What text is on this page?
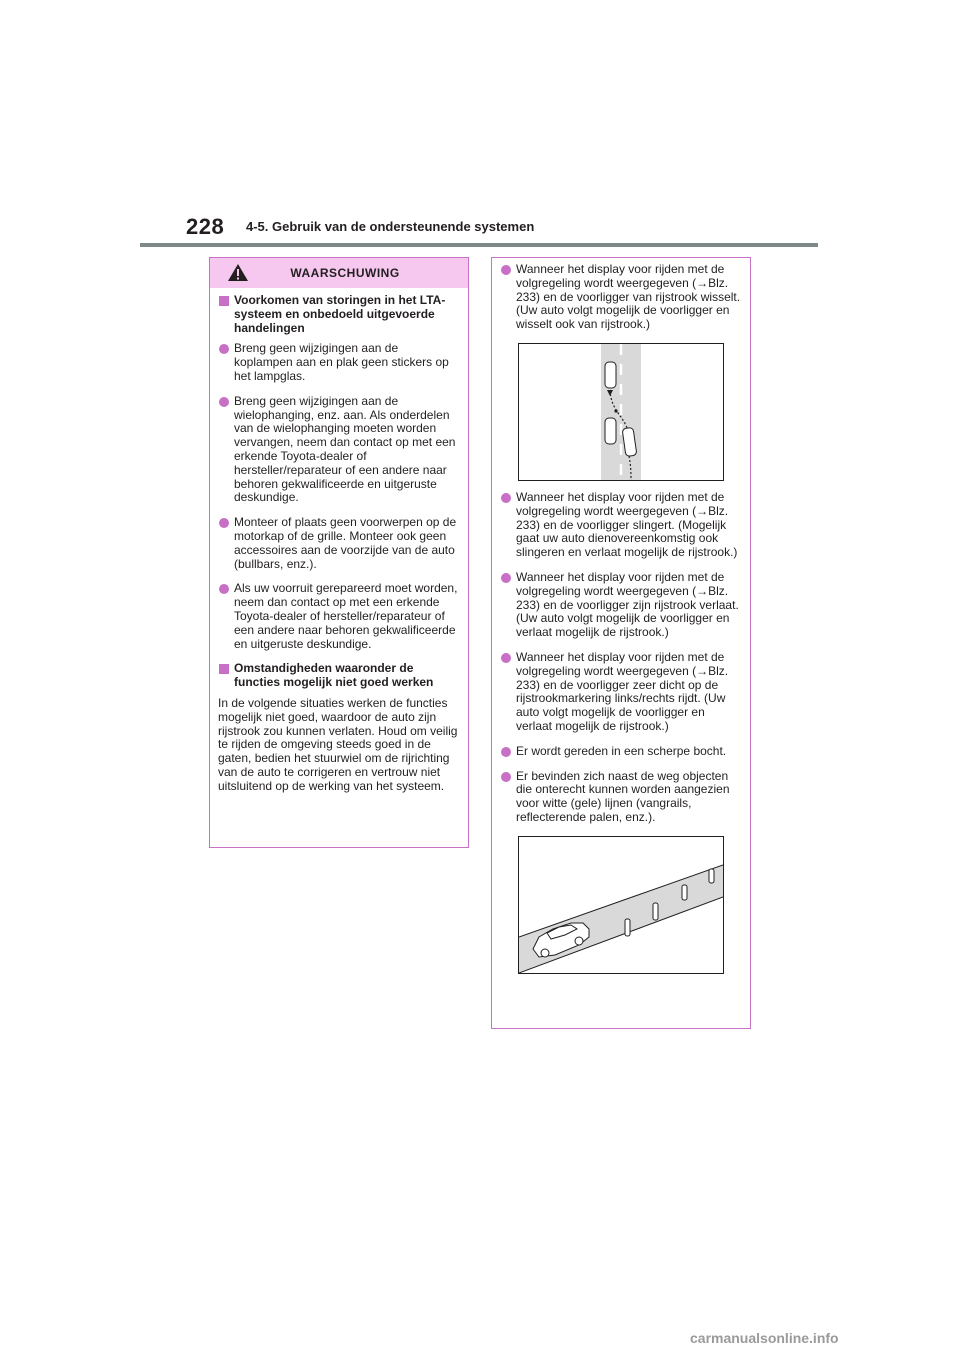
228 4-5. Gebruik van de ondersteunende systemen
WAARSCHUWING
Voorkomen van storingen in het LTA-systeem en onbedoeld uitgevoerde handelingen
Breng geen wijzigingen aan de koplampen aan en plak geen stickers op het lampglas.
Breng geen wijzigingen aan de wielophanging, enz. aan. Als onderdelen van de wielophanging moeten worden vervangen, neem dan contact op met een erkende Toyota-dealer of hersteller/reparateur of een andere naar behoren gekwalificeerde en uitgeruste deskundige.
Monteer of plaats geen voorwerpen op de motorkap of de grille. Monteer ook geen accessoires aan de voorzijde van de auto (bullbars, enz.).
Als uw voorruit gerepareerd moet worden, neem dan contact op met een erkende Toyota-dealer of hersteller/reparateur of een andere naar behoren gekwalificeerde en uitgeruste deskundige.
Omstandigheden waaronder de functies mogelijk niet goed werken
In de volgende situaties werken de functies mogelijk niet goed, waardoor de auto zijn rijstrook zou kunnen verlaten. Houd om veilig te rijden de omgeving steeds goed in de gaten, bedien het stuurwiel om de rijrichting van de auto te corrigeren en vertrouw niet uitsluitend op de werking van het systeem.
Wanneer het display voor rijden met de volgregeling wordt weergegeven (→Blz. 233) en de voorligger van rijstrook wisselt. (Uw auto volgt mogelijk de voorligger en wisselt ook van rijstrook.)
Wanneer het display voor rijden met de volgregeling wordt weergegeven (→Blz. 233) en de voorligger slingert. (Mogelijk gaat uw auto dienovereenkomstig ook slingeren en verlaat mogelijk de rijstrook.)
Wanneer het display voor rijden met de volgregeling wordt weergegeven (→Blz. 233) en de voorligger zijn rijstrook verlaat. (Uw auto volgt mogelijk de voorligger en verlaat mogelijk de rijstrook.)
Wanneer het display voor rijden met de volgregeling wordt weergegeven (→Blz. 233) en de voorligger zeer dicht op de rijstrookmarkering links/rechts rijdt. (Uw auto volgt mogelijk de voorligger en verlaat mogelijk de rijstrook.)
Er wordt gereden in een scherpe bocht.
Er bevinden zich naast de weg objecten die onterecht kunnen worden aangezien voor witte (gele) lijnen (vangrails, reflecterende palen, enz.).
carmanualsonline.info
